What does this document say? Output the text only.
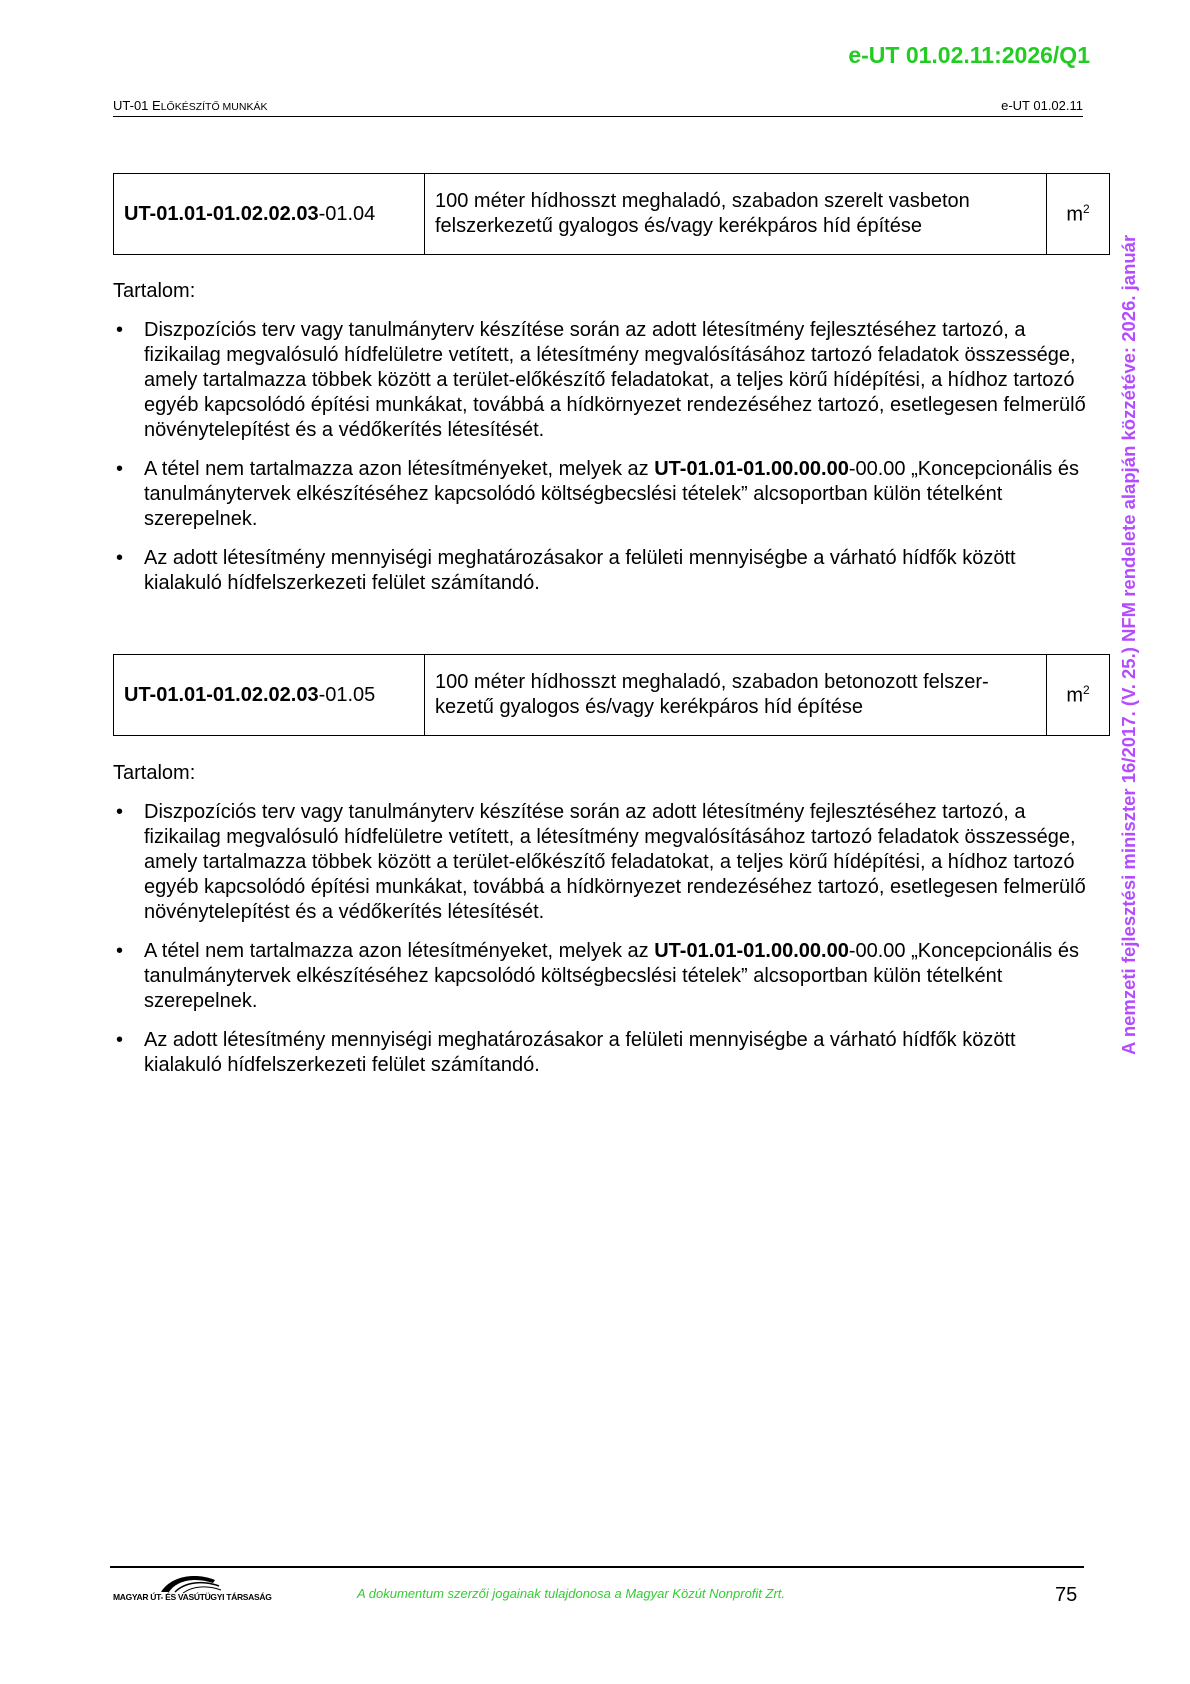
e-UT 01.02.11:2026/Q1
UT-01 ELŐKÉSZÍTŐ MUNKÁK	e-UT 01.02.11
UT-01.01-01.02.02.03-01.04	100 méter hídhosszt meghaladó, szabadon szerelt vasbeton
felszerkezetű gyalogos és/vagy kerékpáros híd építése	$m^2$
Tartalom:
• Diszpozíciós terv vagy tanulmányterv készítése során az adott létesítmény fejlesztéséhez tartozó, a fizikailag megvalósuló hídfelületre vetített, a létesítmény megvalósításához tartozó feladatok összessége, amely tartalmazza többek között a terület-előkészítő feladatokat, a teljes körű hídépítési, a hídhoz tartozó egyéb kapcsolódó építési munkákat, továbbá a hídkörnyezet rendezéséhez tartozó, esetlegesen felmerülő növénytelepítést és a védőkerítés létesítését.
• A tétel nem tartalmazza azon létesítményeket, melyek az UT-01.01-01.00.00.00-00.00 „Koncepcionális és tanulmánytervek elkészítéséhez kapcsolódó költségbecslési tételek” alcsoportban külön tételként szerepelnek.
• Az adott létesítmény mennyiségi meghatározásakor a felületi mennyiségbe a várható hídfők között kialakuló hídfelszerkezeti felület számítandó.
UT-01.01-01.02.02.03-01.05	100 méter hídhosszt meghaladó, szabadon betonozott felszer-
kezetű gyalogos és/vagy kerékpáros híd építése	$m^2$
Tartalom:
• Diszpozíciós terv vagy tanulmányterv készítése során az adott létesítmény fejlesztéséhez tartozó, a fizikailag megvalósuló hídfelületre vetített, a létesítmény megvalósításához tartozó feladatok összessége, amely tartalmazza többek között a terület-előkészítő feladatokat, a teljes körű hídépítési, a hídhoz tartozó egyéb kapcsolódó építési munkákat, továbbá a hídkörnyezet rendezéséhez tartozó, esetlegesen felmerülő növénytelepítést és a védőkerítés létesítését.
• A tétel nem tartalmazza azon létesítményeket, melyek az UT-01.01-01.00.00.00-00.00 „Koncepcionális és tanulmánytervek elkészítéséhez kapcsolódó költségbecslési tételek” alcsoportban külön tételként szerepelnek.
• Az adott létesítmény mennyiségi meghatározásakor a felületi mennyiségbe a várható hídfők között kialakuló hídfelszerkezeti felület számítandó.
A nemzeti fejlesztési miniszter 16/2017. (V. 25.) NFM rendelete alapján közzétéve: 2026. január
MAGYAR ÚT- ÉS VASÚTÜGYI TÁRSASÁG	A dokumentum szerzői jogainak tulajdonosa a Magyar Közút Nonprofit Zrt.	75
